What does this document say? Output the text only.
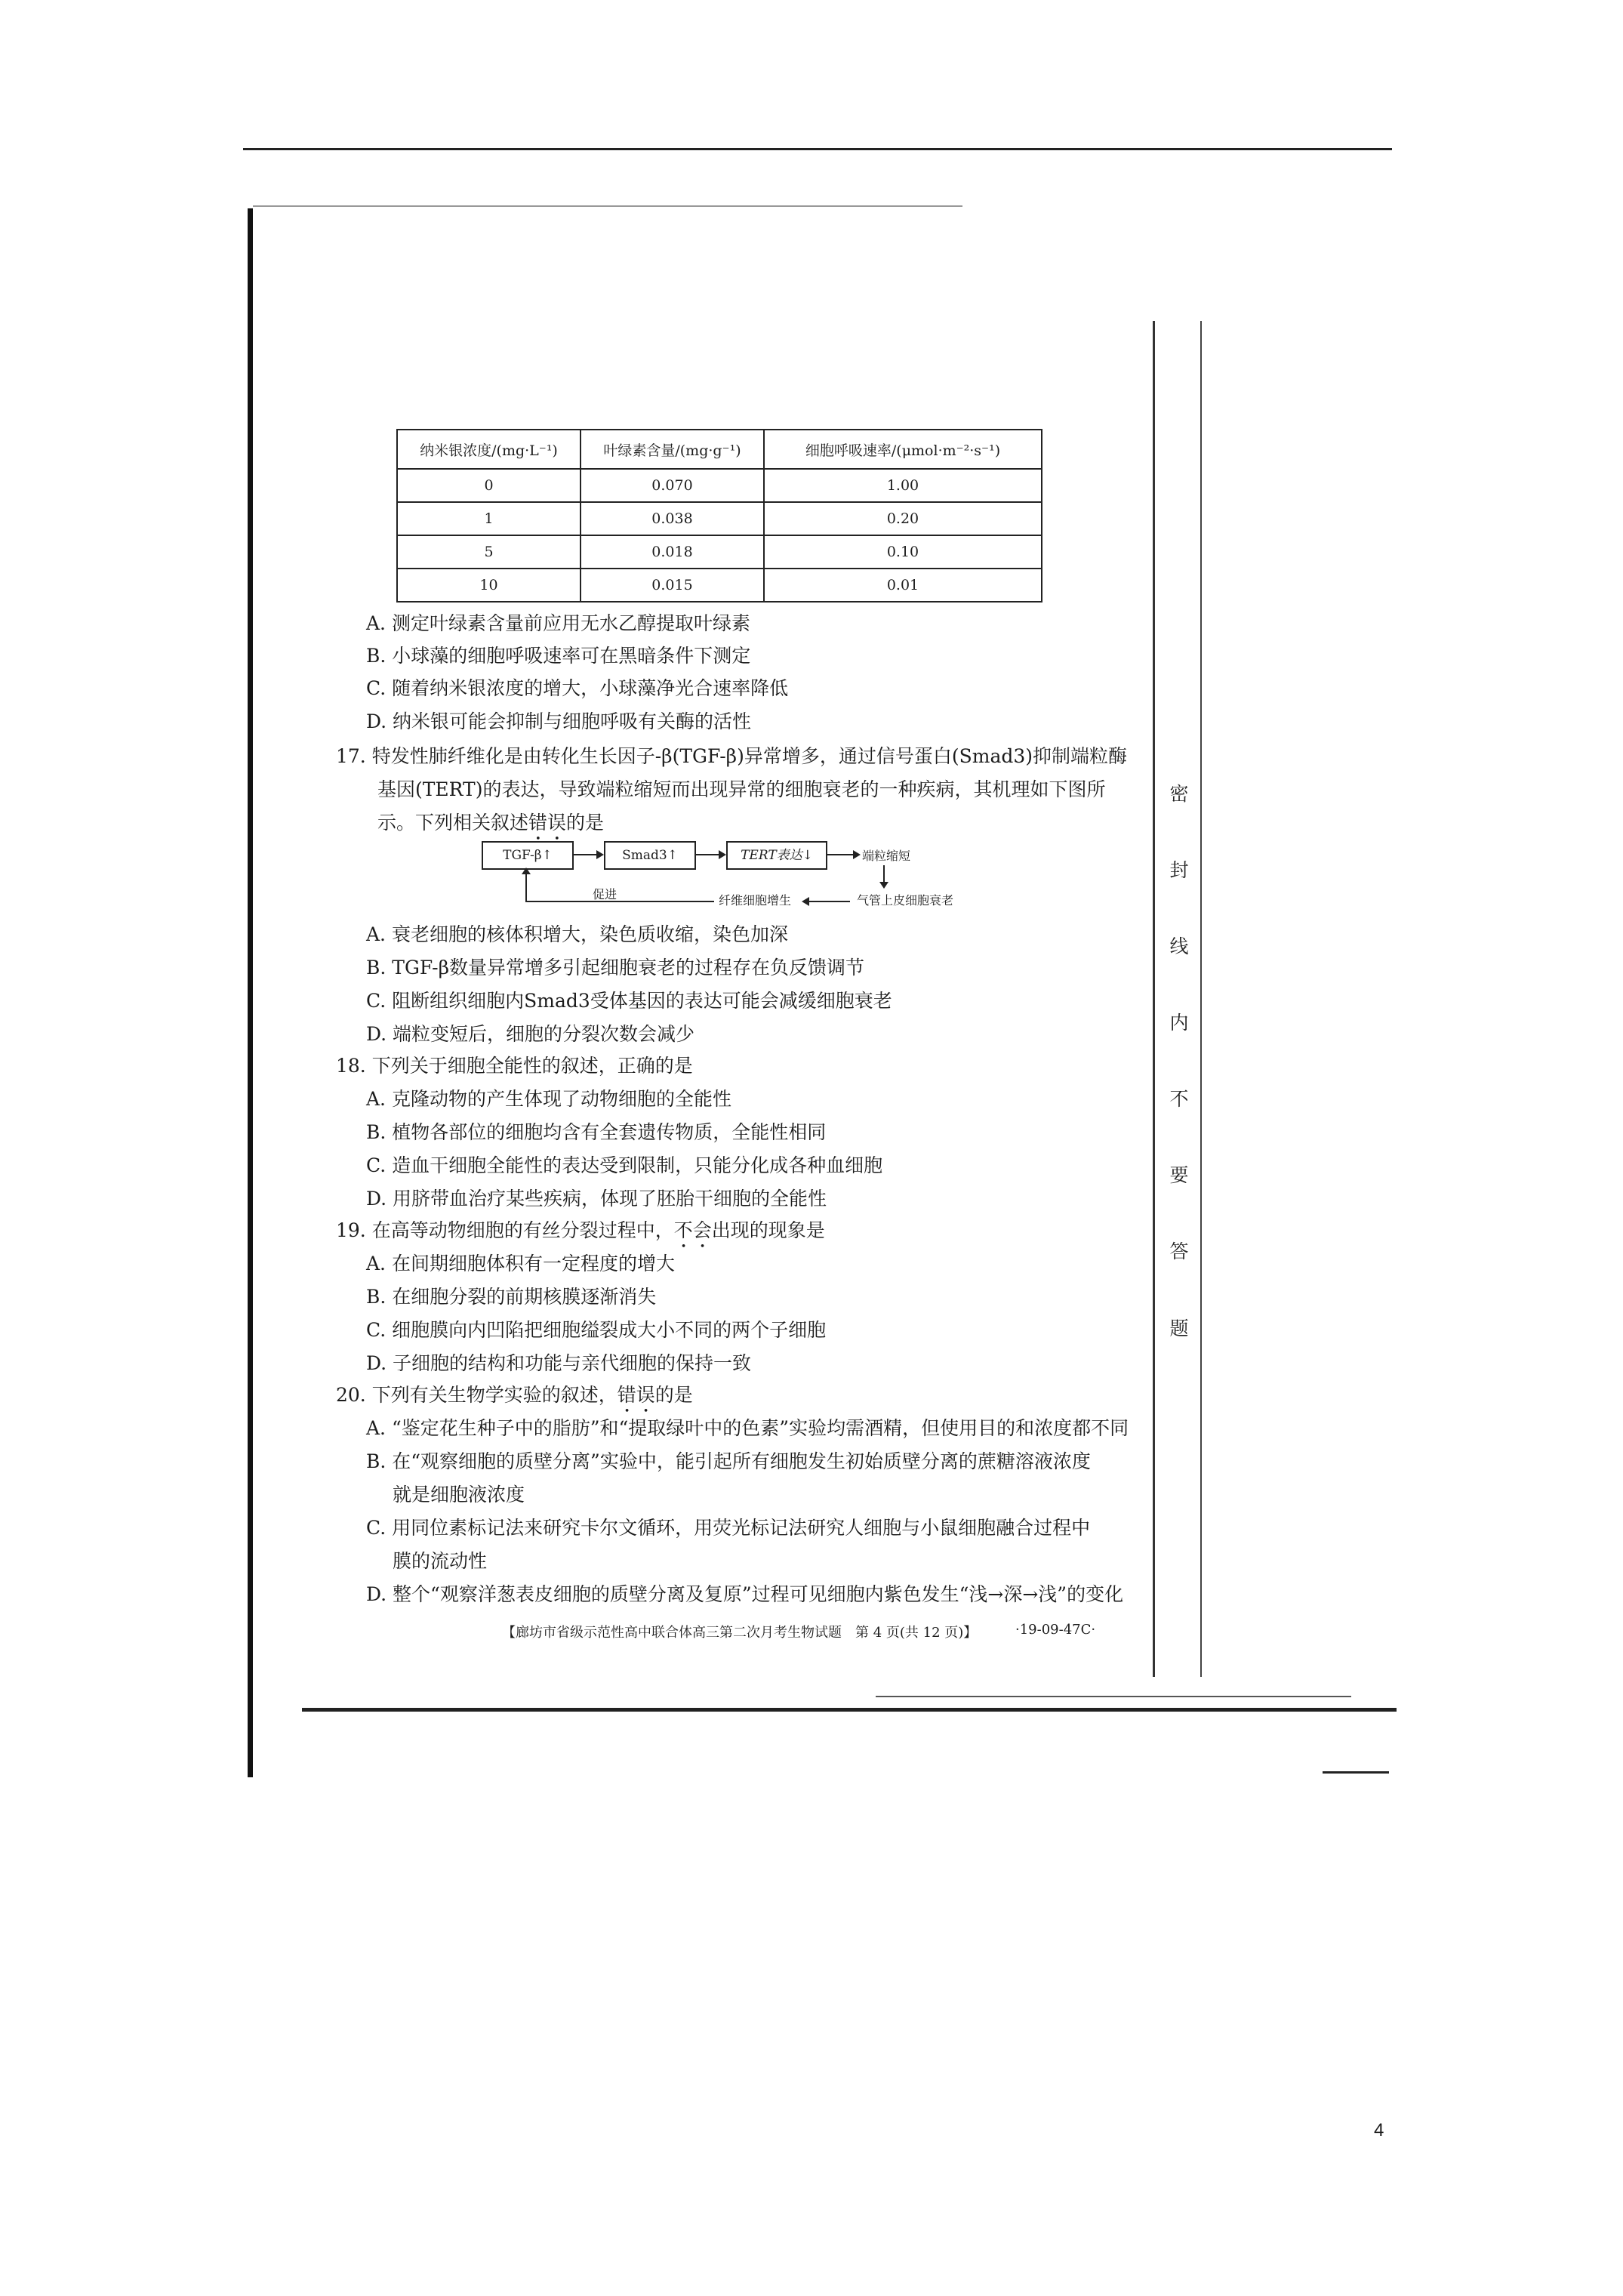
密
封
线
内
不
要
答
题
纳米银浓度/(mg·L⁻¹)	叶绿素含量/(mg·g⁻¹)	细胞呼吸速率/(μmol·m⁻²·s⁻¹)
0	0.070	1.00
1	0.038	0.20
5	0.018	0.10
10	0.015	0.01
A. 测定叶绿素含量前应用无水乙醇提取叶绿素
B. 小球藻的细胞呼吸速率可在黑暗条件下测定
C. 随着纳米银浓度的增大，小球藻净光合速率降低
D. 纳米银可能会抑制与细胞呼吸有关酶的活性
17. 特发性肺纤维化是由转化生长因子-β(TGF-β)异常增多，通过信号蛋白(Smad3)抑制端粒酶
基因(TERT)的表达，导致端粒缩短而出现异常的细胞衰老的一种疾病，其机理如下图所
示。下列相关叙述错误的是
TGF-β↑	Smad3↑	TERT表达↓	端粒缩短
气管上皮细胞衰老
纤维细胞增生
促进
A. 衰老细胞的核体积增大，染色质收缩，染色加深
B. TGF-β数量异常增多引起细胞衰老的过程存在负反馈调节
C. 阻断组织细胞内Smad3受体基因的表达可能会减缓细胞衰老
D. 端粒变短后，细胞的分裂次数会减少
18. 下列关于细胞全能性的叙述，正确的是
A. 克隆动物的产生体现了动物细胞的全能性
B. 植物各部位的细胞均含有全套遗传物质，全能性相同
C. 造血干细胞全能性的表达受到限制，只能分化成各种血细胞
D. 用脐带血治疗某些疾病，体现了胚胎干细胞的全能性
19. 在高等动物细胞的有丝分裂过程中，不会出现的现象是
A. 在间期细胞体积有一定程度的增大
B. 在细胞分裂的前期核膜逐渐消失
C. 细胞膜向内凹陷把细胞缢裂成大小不同的两个子细胞
D. 子细胞的结构和功能与亲代细胞的保持一致
20. 下列有关生物学实验的叙述，错误的是
A. “鉴定花生种子中的脂肪”和“提取绿叶中的色素”实验均需酒精，但使用目的和浓度都不同
B. 在“观察细胞的质壁分离”实验中，能引起所有细胞发生初始质壁分离的蔗糖溶液浓度
就是细胞液浓度
C. 用同位素标记法来研究卡尔文循环，用荧光标记法研究人细胞与小鼠细胞融合过程中
膜的流动性
D. 整个“观察洋葱表皮细胞的质壁分离及复原”过程可见细胞内紫色发生“浅→深→浅”的变化
【廊坊市省级示范性高中联合体高三第二次月考生物试题　第 4 页(共 12 页)】	·19-09-47C·
4
